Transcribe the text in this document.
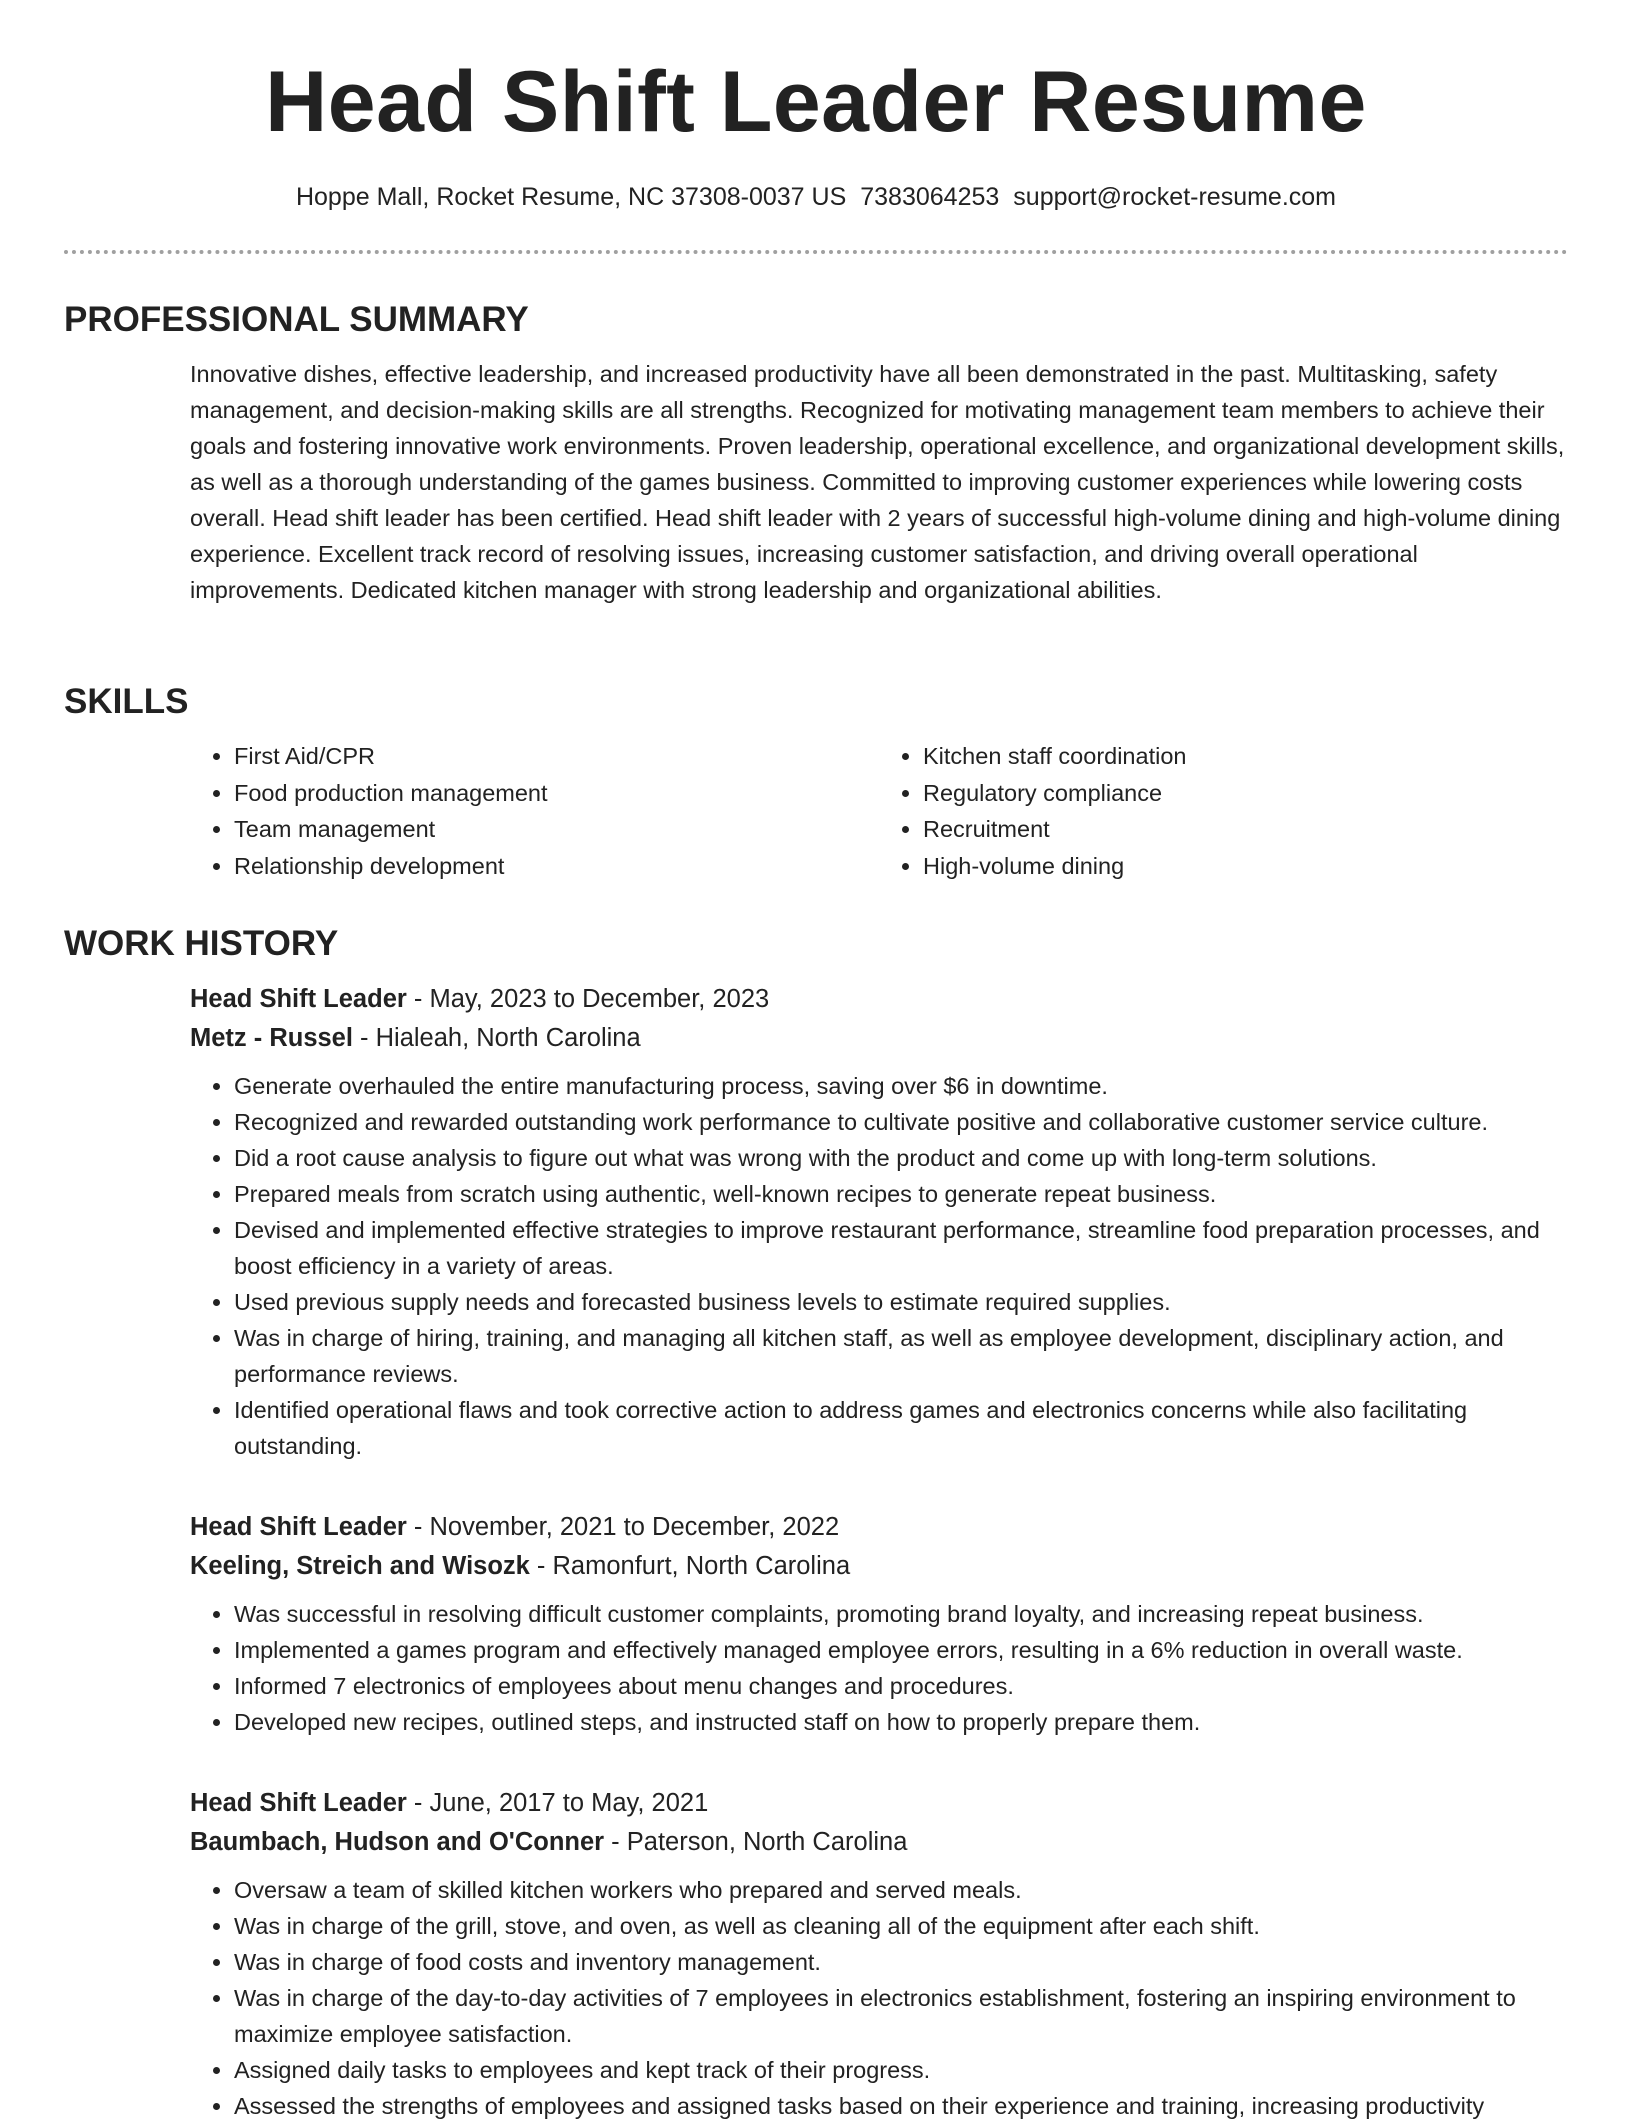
Head Shift Leader Resume
Hoppe Mall, Rocket Resume, NC 37308-0037 US 7383064253 support@rocket-resume.com
PROFESSIONAL SUMMARY

Innovative dishes, effective leadership, and increased productivity have all been demonstrated in the past. Multitasking, safety management, and decision-making skills are all strengths. Recognized for motivating management team members to achieve their goals and fostering innovative work environments. Proven leadership, operational excellence, and organizational development skills, as well as a thorough understanding of the games business. Committed to improving customer experiences while lowering costs overall. Head shift leader has been certified. Head shift leader with 2 years of successful high-volume dining and high-volume dining experience. Excellent track record of resolving issues, increasing customer satisfaction, and driving overall operational improvements. Dedicated kitchen manager with strong leadership and organizational abilities.

SKILLS
• First Aid/CPR
• Food production management
• Team management
• Relationship development
• Kitchen staff coordination
• Regulatory compliance
• Recruitment
• High-volume dining
WORK HISTORY

Head Shift Leader - May, 2023 to December, 2023

Metz - Russel - Hialeah, North Carolina

• Generate overhauled the entire manufacturing process, saving over $6 in downtime.
• Recognized and rewarded outstanding work performance to cultivate positive and collaborative customer service culture.
• Did a root cause analysis to figure out what was wrong with the product and come up with long-term solutions.
• Prepared meals from scratch using authentic, well-known recipes to generate repeat business.
• Devised and implemented effective strategies to improve restaurant performance, streamline food preparation processes, and boost efficiency in a variety of areas.
• Used previous supply needs and forecasted business levels to estimate required supplies.
• Was in charge of hiring, training, and managing all kitchen staff, as well as employee development, disciplinary action, and performance reviews.
• Identified operational flaws and took corrective action to address games and electronics concerns while also facilitating outstanding.

Head Shift Leader - November, 2021 to December, 2022

Keeling, Streich and Wisozk - Ramonfurt, North Carolina

• Was successful in resolving difficult customer complaints, promoting brand loyalty, and increasing repeat business.
• Implemented a games program and effectively managed employee errors, resulting in a 6% reduction in overall waste.
• Informed 7 electronics of employees about menu changes and procedures.
• Developed new recipes, outlined steps, and instructed staff on how to properly prepare them.

Head Shift Leader - June, 2017 to May, 2021

Baumbach, Hudson and O'Conner - Paterson, North Carolina

• Oversaw a team of skilled kitchen workers who prepared and served meals.
• Was in charge of the grill, stove, and oven, as well as cleaning all of the equipment after each shift.
• Was in charge of food costs and inventory management.
• Was in charge of the day-to-day activities of 7 employees in electronics establishment, fostering an inspiring environment to maximize employee satisfaction.
• Assigned daily tasks to employees and kept track of their progress.
• Assessed the strengths of employees and assigned tasks based on their experience and training, increasing productivity
